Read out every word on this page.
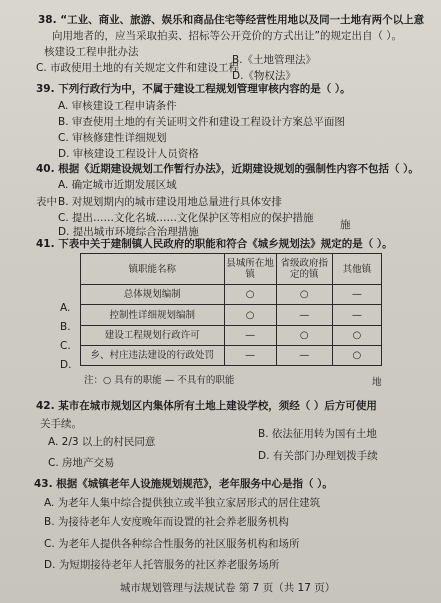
38. “工业、商业、旅游、娱乐和商品住宅等经营性用地以及同一土地有两个以上意
向用地者的，应当采取拍卖、招标等公开竞价的方式出让”的规定出自（ ）。
核建设工程申批办法
B.《土地管理法》
C. 市政使用土地的有关规定文件和建设工程
D.《物权法》
39. 下列行政行为中，不属于建设工程规划管理审核内容的是（ ）。
A. 审核建设工程申请条件
B. 审查使用土地的有关证明文件和建设工程设计方案总平面图
C. 审核修建性详细规划
D. 审核建设工程设计人员资格
40. 根据《近期建设规划工作暂行办法》，近期建设规划的强制性内容不包括（ ）。
A. 确定城市近期发展区域
表中 B. 对规划期内的城市建设用地总量进行具体安排
C. 提出……文化名城……文化保护区等相应的保护措施
D. 提出城市环境综合治理措施
施
41. 下表中关于建制镇人民政府的职能和符合《城乡规划法》规定的是（ ）。
镇职能名称	县城所在地镇	省级政府指定的镇	其他镇
总体规划编制	○	○	—
控制性详细规划编制	○	—	—
建设工程规划行政许可	—	○	○
乡、村庄违法建设的行政处罚	—	—	○
A.
B.
C.
D.
注：○ 具有的职能 — 不具有的职能	地
42. 某市在城市规划区内集体所有土地上建设学校，须经（ ）后方可使用
关手续。
A. 2/3 以上的村民同意
B. 依法征用转为国有土地
C. 房地产交易
D. 有关部门办理划拨手续
43. 根据《城镇老年人设施规划规范》，老年服务中心是指（ ）。
A. 为老年人集中综合提供独立或半独立家居形式的居住建筑
B. 为接待老年人安度晚年而设置的社会养老服务机构
C. 为老年人提供各种综合性服务的社区服务机构和场所
D. 为短期接待老年人托管服务的社区养老服务场所
城市规划管理与法规试卷 第 7 页（共 17 页）
